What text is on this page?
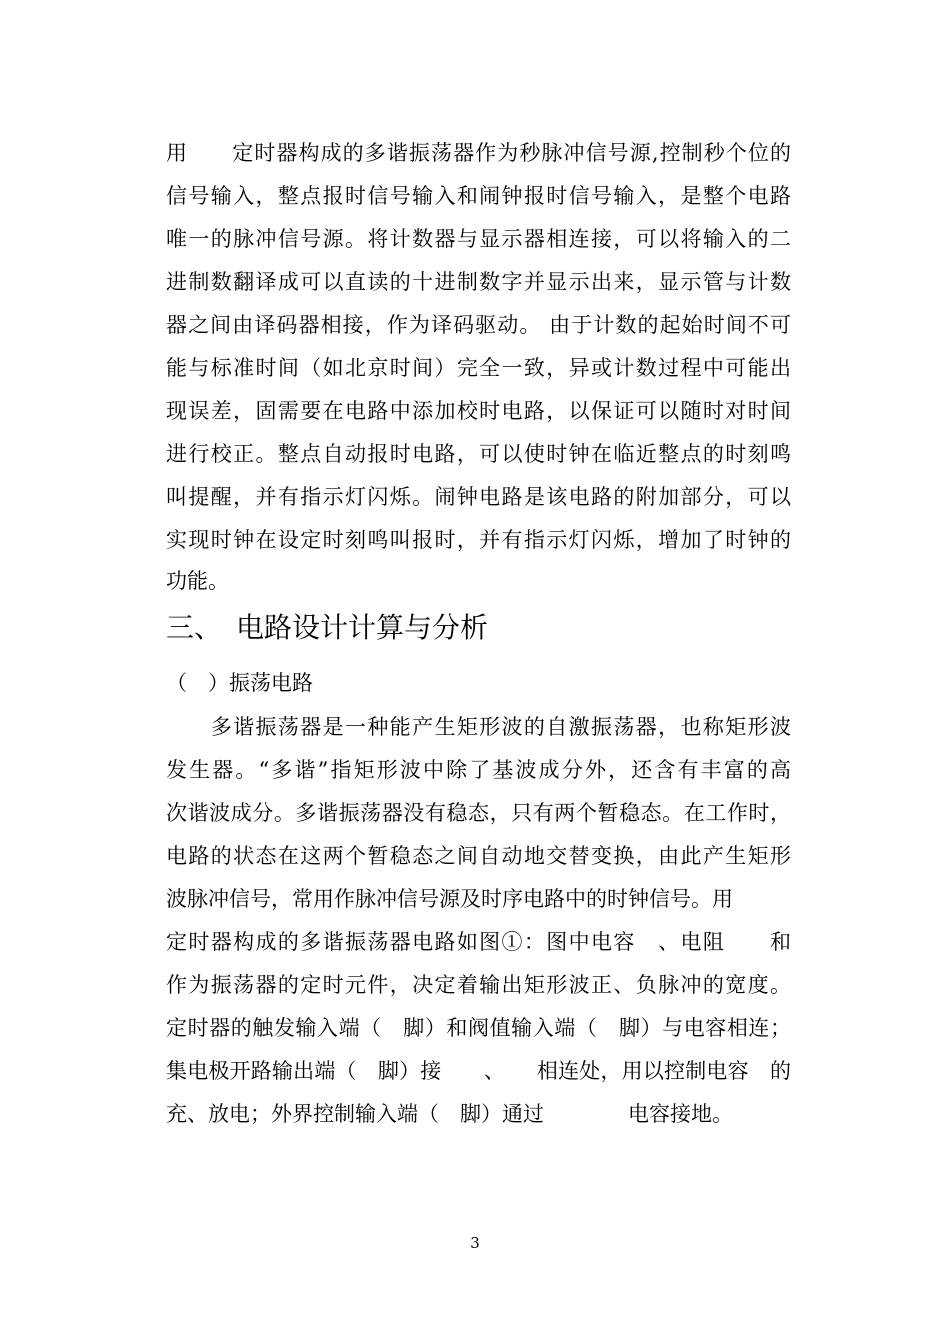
用　　定时器构成的多谐振荡器作为秒脉冲信号源,控制秒个位的
信号输入，整点报时信号输入和闹钟报时信号输入，是整个电路
唯一的脉冲信号源。将计数器与显示器相连接，可以将输入的二
进制数翻译成可以直读的十进制数字并显示出来，显示管与计数
器之间由译码器相接，作为译码驱动。 由于计数的起始时间不可
能与标准时间（如北京时间）完全一致，异或计数过程中可能出
现误差，固需要在电路中添加校时电路，以保证可以随时对时间
进行校正。整点自动报时电路，可以使时钟在临近整点的时刻鸣
叫提醒，并有指示灯闪烁。闹钟电路是该电路的附加部分，可以
实现时钟在设定时刻鸣叫报时，并有指示灯闪烁，增加了时钟的
功能。
三、　电路设计计算与分析
（　）振荡电路
　　多谐振荡器是一种能产生矩形波的自激振荡器，也称矩形波
发生器。“多谐”指矩形波中除了基波成分外，还含有丰富的高
次谐波成分。多谐振荡器没有稳态，只有两个暂稳态。在工作时，
电路的状态在这两个暂稳态之间自动地交替变换，由此产生矩形
波脉冲信号，常用作脉冲信号源及时序电路中的时钟信号。用
定时器构成的多谐振荡器电路如图①：图中电容　、电阻　　和
作为振荡器的定时元件，决定着输出矩形波正、负脉冲的宽度。
定时器的触发输入端（　脚）和阀值输入端（　脚）与电容相连；
集电极开路输出端（　脚）接　　、　　相连处，用以控制电容　的
充、放电；外界控制输入端（　脚）通过　　　　电容接地。
3
